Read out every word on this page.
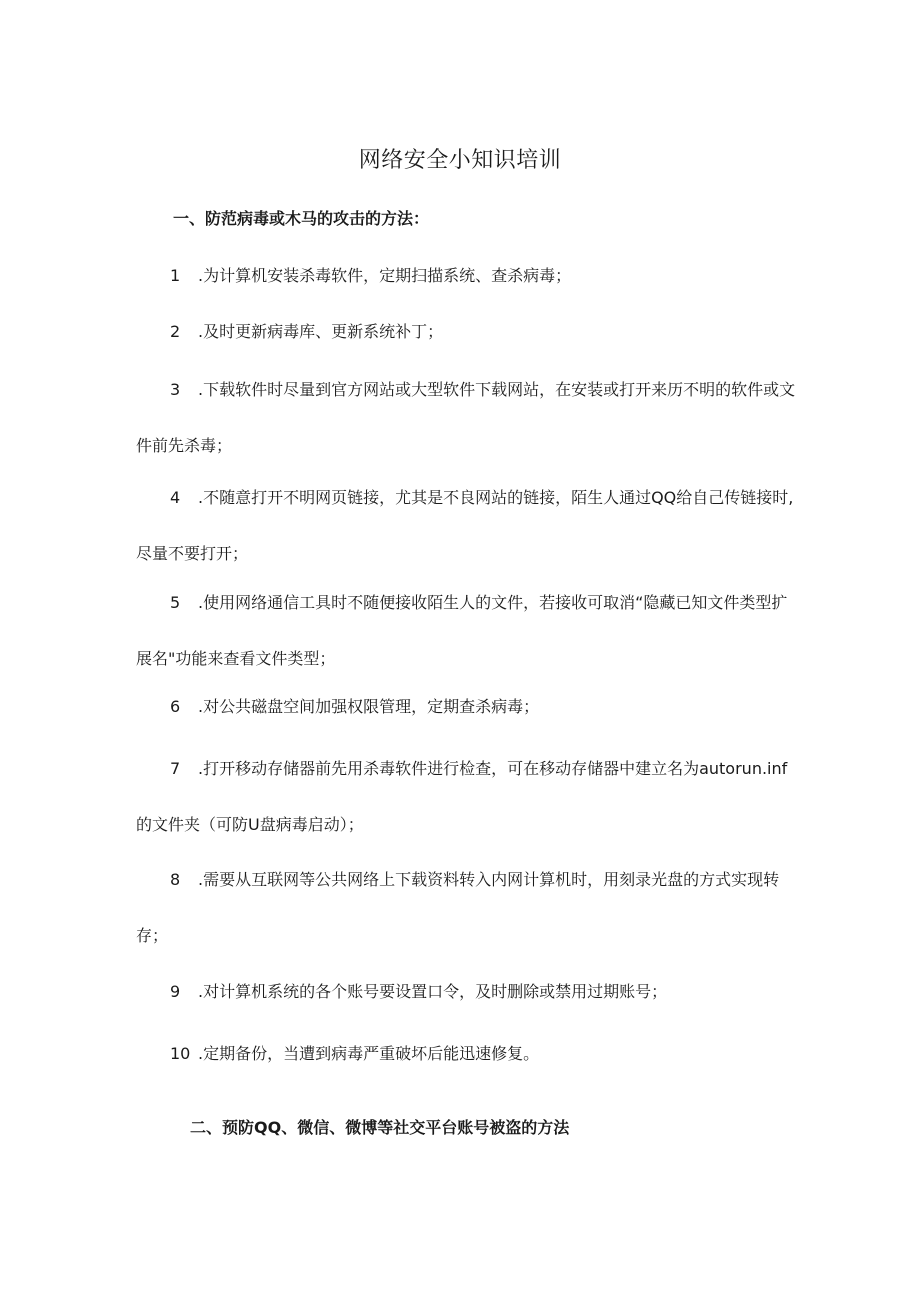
网络安全小知识培训
一、防范病毒或木马的攻击的方法：
1 .为计算机安装杀毒软件，定期扫描系统、查杀病毒；
2 .及时更新病毒库、更新系统补丁；
3 .下载软件时尽量到官方网站或大型软件下载网站，在安装或打开来历不明的软件或文件前先杀毒；
4 .不随意打开不明网页链接，尤其是不良网站的链接，陌生人通过QQ给自己传链接时,尽量不要打开；
5 .使用网络通信工具时不随便接收陌生人的文件，若接收可取消“隐藏已知文件类型扩展名"功能来查看文件类型；
6 .对公共磁盘空间加强权限管理，定期查杀病毒；
7 .打开移动存储器前先用杀毒软件进行检查，可在移动存储器中建立名为autorun.inf的文件夹（可防U盘病毒启动）；
8 .需要从互联网等公共网络上下载资料转入内网计算机时，用刻录光盘的方式实现转存；
9 .对计算机系统的各个账号要设置口令，及时删除或禁用过期账号；
10 .定期备份，当遭到病毒严重破坏后能迅速修复。
二、预防QQ、微信、微博等社交平台账号被盗的方法
